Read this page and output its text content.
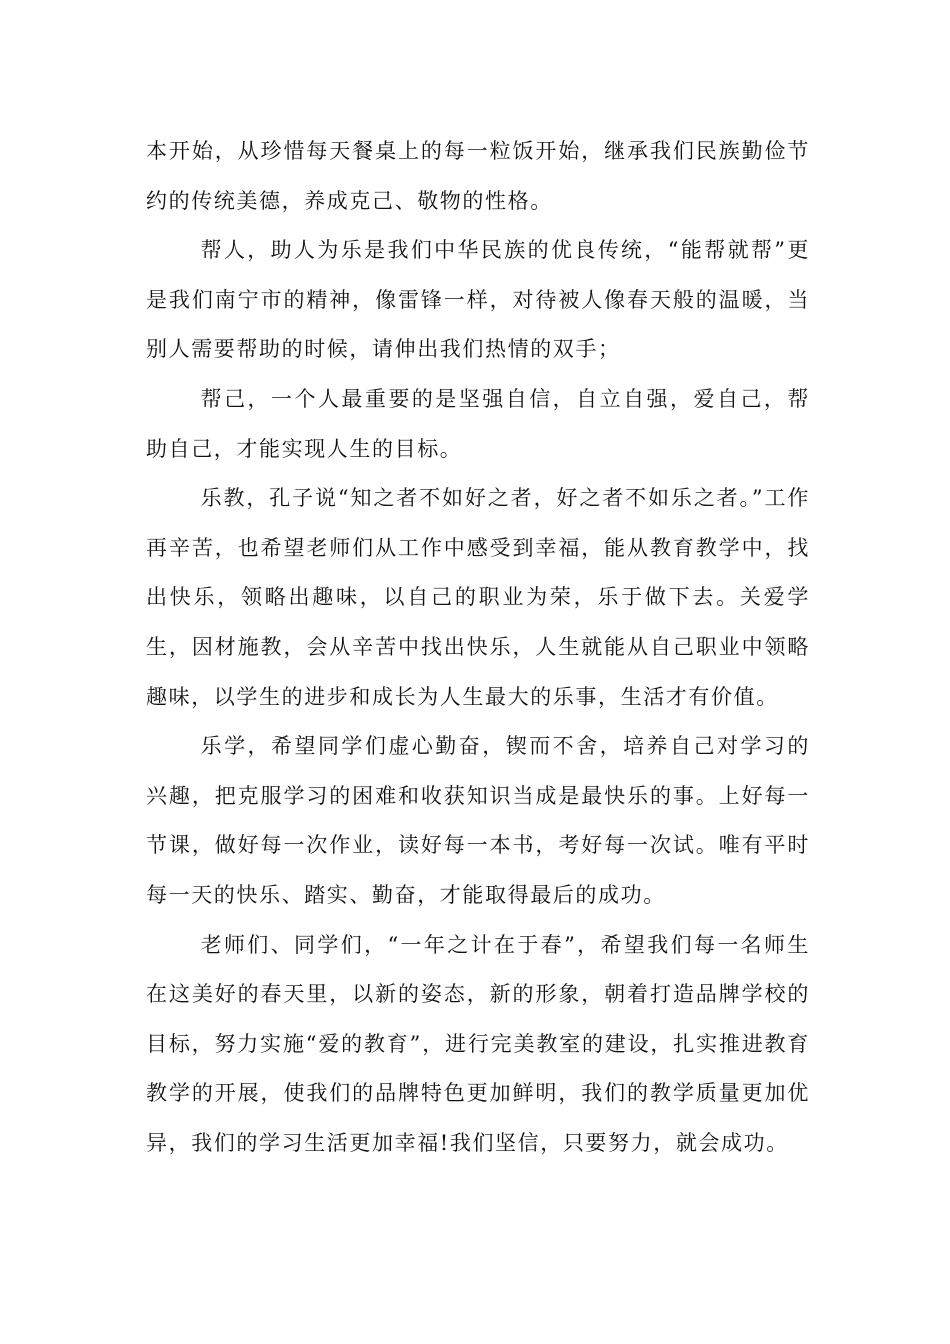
本开始，从珍惜每天餐桌上的每一粒饭开始，继承我们民族勤俭节约的传统美德，养成克己、敬物的性格。

帮人，助人为乐是我们中华民族的优良传统，“能帮就帮”更是我们南宁市的精神，像雷锋一样，对待被人像春天般的温暖，当别人需要帮助的时候，请伸出我们热情的双手；

帮己，一个人最重要的是坚强自信，自立自强，爱自己，帮助自己，才能实现人生的目标。

乐教，孔子说“知之者不如好之者，好之者不如乐之者。”工作再辛苦，也希望老师们从工作中感受到幸福，能从教育教学中，找出快乐，领略出趣味，以自己的职业为荣，乐于做下去。关爱学生，因材施教，会从辛苦中找出快乐，人生就能从自己职业中领略趣味，以学生的进步和成长为人生最大的乐事，生活才有价值。

乐学，希望同学们虚心勤奋，锲而不舍，培养自己对学习的兴趣，把克服学习的困难和收获知识当成是最快乐的事。上好每一节课，做好每一次作业，读好每一本书，考好每一次试。唯有平时每一天的快乐、踏实、勤奋，才能取得最后的成功。

老师们、同学们，“一年之计在于春”，希望我们每一名师生在这美好的春天里，以新的姿态，新的形象，朝着打造品牌学校的目标，努力实施“爱的教育”，进行完美教室的建设，扎实推进教育教学的开展，使我们的品牌特色更加鲜明，我们的教学质量更加优异，我们的学习生活更加幸福!我们坚信，只要努力，就会成功。
